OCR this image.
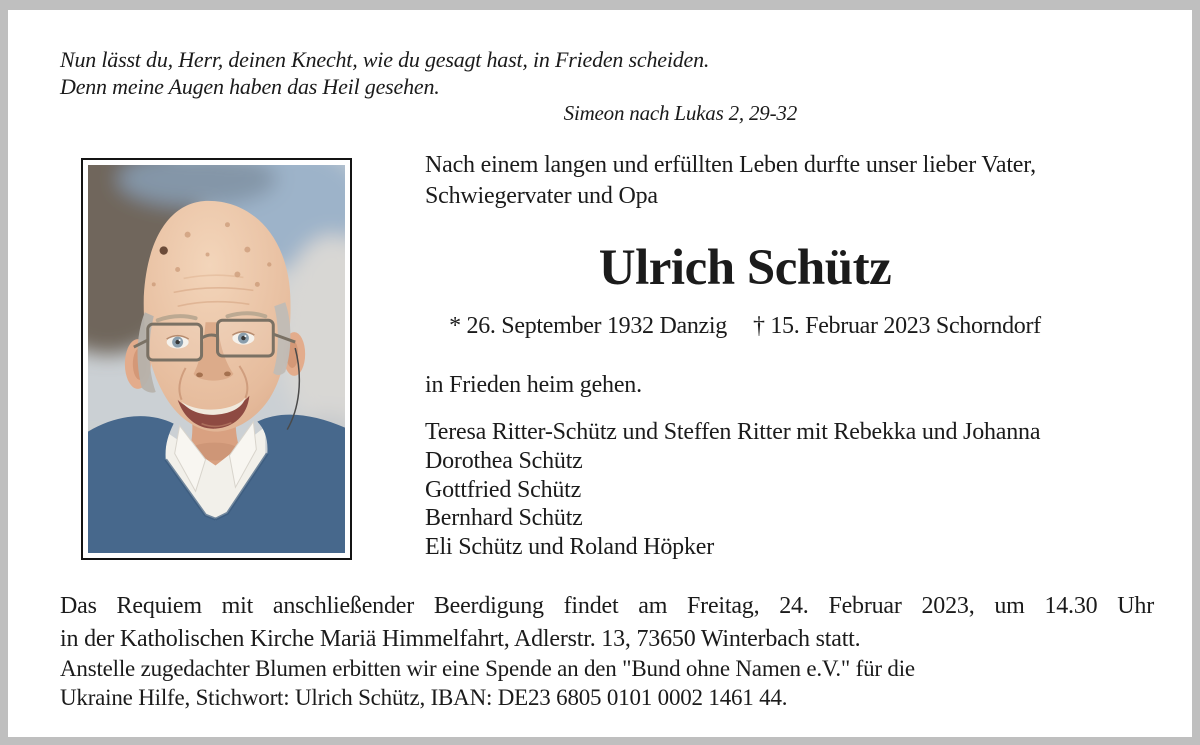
Nun lässt du, Herr, deinen Knecht, wie du gesagt hast, in Frieden scheiden.
Denn meine Augen haben das Heil gesehen.
Simeon nach Lukas 2, 29-32
Nach einem langen und erfüllten Leben durfte unser lieber Vater, Schwiegervater und Opa
Ulrich Schütz
* 26. September 1932 Danzig † 15. Februar 2023 Schorndorf
in Frieden heim gehen.
Teresa Ritter-Schütz und Steffen Ritter mit Rebekka und Johanna
Dorothea Schütz
Gottfried Schütz
Bernhard Schütz
Eli Schütz und Roland Höpker
Das Requiem mit anschließender Beerdigung findet am Freitag, 24. Februar 2023, um 14.30 Uhr
in der Katholischen Kirche Mariä Himmelfahrt, Adlerstr. 13, 73650 Winterbach statt.
Anstelle zugedachter Blumen erbitten wir eine Spende an den "Bund ohne Namen e.V." für die
Ukraine Hilfe, Stichwort: Ulrich Schütz, IBAN: DE23 6805 0101 0002 1461 44.
